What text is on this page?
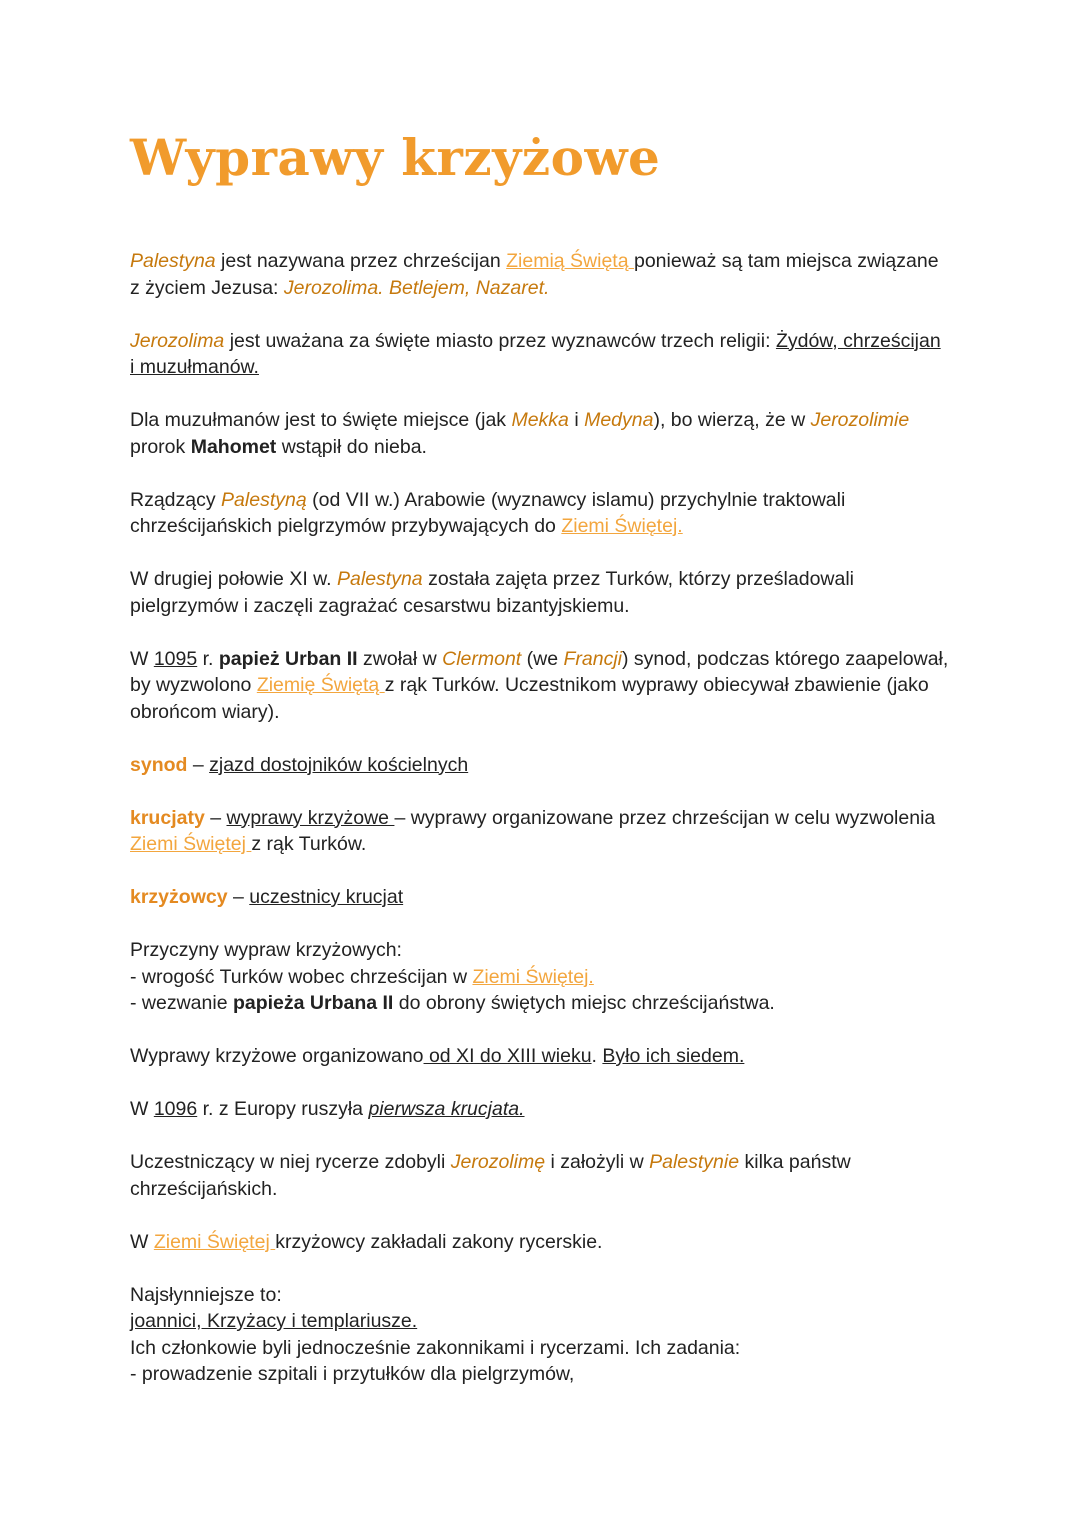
Wyprawy krzyżowe

Palestyna jest nazywana przez chrześcijan Ziemią Świętą ponieważ są tam miejsca związane z życiem Jezusa: Jerozolima. Betlejem, Nazaret.

Jerozolima jest uważana za święte miasto przez wyznawców trzech religii: Żydów, chrześcijan i muzułmanów.

Dla muzułmanów jest to święte miejsce (jak Mekka i Medyna), bo wierzą, że w Jerozolimie prorok Mahomet wstąpił do nieba.

Rządzący Palestyną (od VII w.) Arabowie (wyznawcy islamu) przychylnie traktowali chrześcijańskich pielgrzymów przybywających do Ziemi Świętej.

W drugiej połowie XI w. Palestyna została zajęta przez Turków, którzy prześladowali pielgrzymów i zaczęli zagrażać cesarstwu bizantyjskiemu.

W 1095 r. papież Urban II zwołał w Clermont (we Francji) synod, podczas którego zaapelował, by wyzwolono Ziemię Świętą z rąk Turków. Uczestnikom wyprawy obiecywał zbawienie (jako obrońcom wiary).

synod – zjazd dostojników kościelnych

krucjaty – wyprawy krzyżowe – wyprawy organizowane przez chrześcijan w celu wyzwolenia Ziemi Świętej z rąk Turków.

krzyżowcy – uczestnicy krucjat

Przyczyny wypraw krzyżowych:
- wrogość Turków wobec chrześcijan w Ziemi Świętej.
- wezwanie papieża Urbana II do obrony świętych miejsc chrześcijaństwa.

Wyprawy krzyżowe organizowano od XI do XIII wieku. Było ich siedem.

W 1096 r. z Europy ruszyła pierwsza krucjata.

Uczestniczący w niej rycerze zdobyli Jerozolimę i założyli w Palestynie kilka państw chrześcijańskich.

W Ziemi Świętej krzyżowcy zakładali zakony rycerskie.

Najsłynniejsze to:
joannici, Krzyżacy i templariusze.
Ich członkowie byli jednocześnie zakonnikami i rycerzami. Ich zadania:
- prowadzenie szpitali i przytułków dla pielgrzymów,
